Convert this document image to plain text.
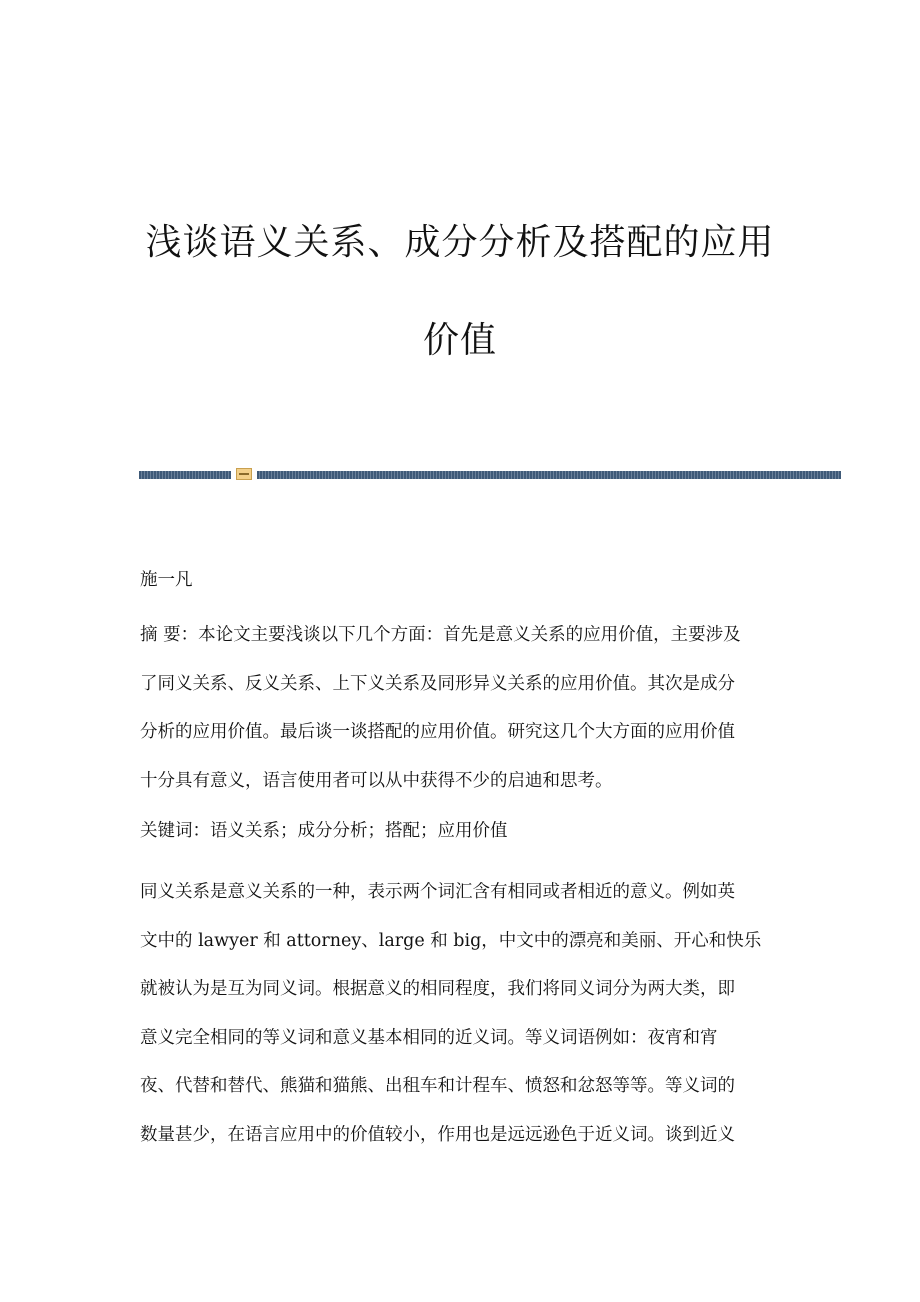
浅谈语义关系、成分分析及搭配的应用
价值

施一凡

摘 要：本论文主要浅谈以下几个方面：首先是意义关系的应用价值，主要涉及
了同义关系、反义关系、上下义关系及同形异义关系的应用价值。其次是成分
分析的应用价值。最后谈一谈搭配的应用价值。研究这几个大方面的应用价值
十分具有意义，语言使用者可以从中获得不少的启迪和思考。
关键词：语义关系；成分分析；搭配；应用价值
同义关系是意义关系的一种，表示两个词汇含有相同或者相近的意义。例如英
文中的 lawyer 和 attorney、large 和 big，中文中的漂亮和美丽、开心和快乐
就被认为是互为同义词。根据意义的相同程度，我们将同义词分为两大类，即
意义完全相同的等义词和意义基本相同的近义词。等义词语例如：夜宵和宵
夜、代替和替代、熊猫和猫熊、出租车和计程车、愤怒和忿怒等等。等义词的
数量甚少，在语言应用中的价值较小，作用也是远远逊色于近义词。谈到近义
